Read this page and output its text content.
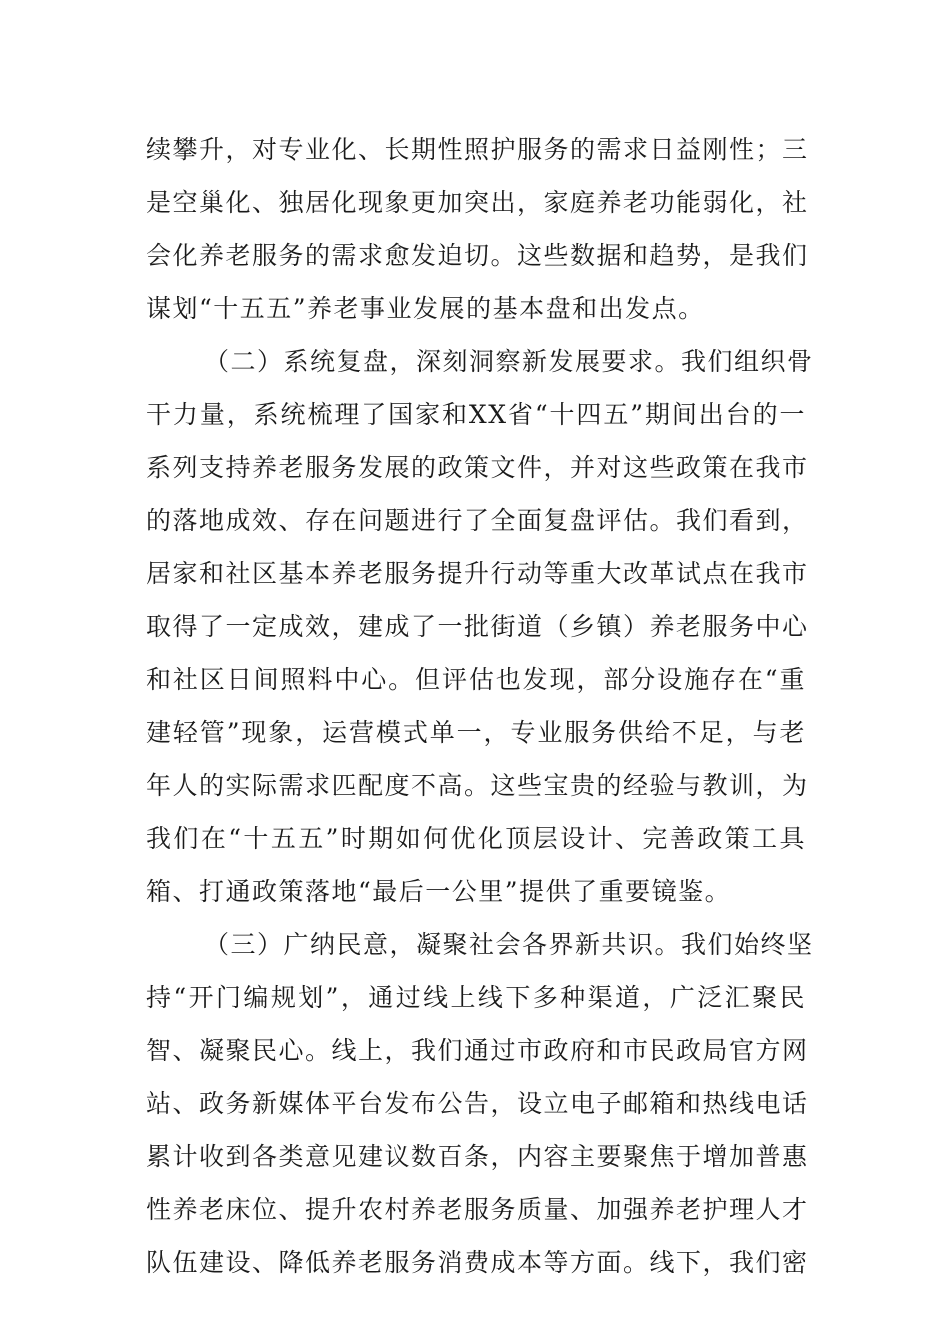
续攀升，对专业化、长期性照护服务的需求日益刚性；三
是空巢化、独居化现象更加突出，家庭养老功能弱化，社
会化养老服务的需求愈发迫切。这些数据和趋势，是我们
谋划“十五五”养老事业发展的基本盘和出发点。
（二）系统复盘，深刻洞察新发展要求。我们组织骨
干力量，系统梳理了国家和XX省“十四五”期间出台的一
系列支持养老服务发展的政策文件，并对这些政策在我市
的落地成效、存在问题进行了全面复盘评估。我们看到，
居家和社区基本养老服务提升行动等重大改革试点在我市
取得了一定成效，建成了一批街道（乡镇）养老服务中心
和社区日间照料中心。但评估也发现，部分设施存在“重
建轻管”现象，运营模式单一，专业服务供给不足，与老
年人的实际需求匹配度不高。这些宝贵的经验与教训，为
我们在“十五五”时期如何优化顶层设计、完善政策工具
箱、打通政策落地“最后一公里”提供了重要镜鉴。
（三）广纳民意，凝聚社会各界新共识。我们始终坚
持“开门编规划”，通过线上线下多种渠道，广泛汇聚民
智、凝聚民心。线上，我们通过市政府和市民政局官方网
站、政务新媒体平台发布公告，设立电子邮箱和热线电话
累计收到各类意见建议数百条，内容主要聚焦于增加普惠
性养老床位、提升农村养老服务质量、加强养老护理人才
队伍建设、降低养老服务消费成本等方面。线下，我们密
